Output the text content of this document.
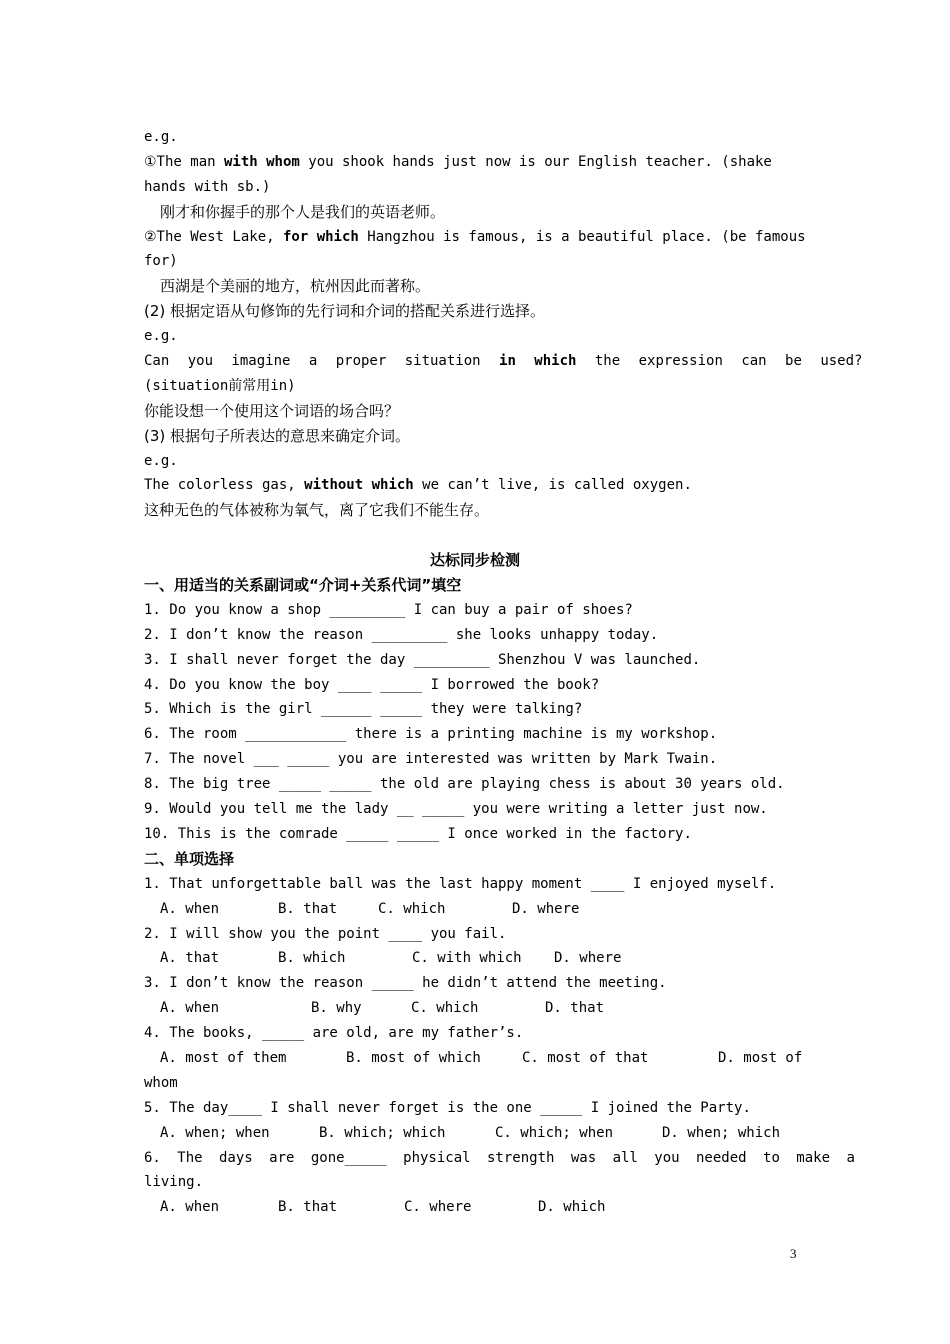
e.g.
①The man with whom you shook hands just now is our English teacher. (shake
hands with sb.)
刚才和你握手的那个人是我们的英语老师。
②The West Lake, for which Hangzhou is famous, is a beautiful place. (be famous
for)
西湖是个美丽的地方，杭州因此而著称。
(2) 根据定语从句修饰的先行词和介词的搭配关系进行选择。
e.g.
Can you imagine a proper situation in which the expression can be used?
(situation前常用in)
你能设想一个使用这个词语的场合吗？
(3) 根据句子所表达的意思来确定介词。
e.g.
The colorless gas, without which we can’t live, is called oxygen.
这种无色的气体被称为氧气，离了它我们不能生存。
达标同步检测
一、用适当的关系副词或“介词+关系代词”填空
1. Do you know a shop _________ I can buy a pair of shoes?
2. I don’t know the reason _________ she looks unhappy today.
3. I shall never forget the day _________ Shenzhou V was launched.
4. Do you know the boy ____ _____ I borrowed the book?
5. Which is the girl ______ _____ they were talking?
6. The room ____________ there is a printing machine is my workshop.
7. The novel ___ _____ you are interested was written by Mark Twain.
8. The big tree _____ _____ the old are playing chess is about 30 years old.
9. Would you tell me the lady __ _____ you were writing a letter just now.
10. This is the comrade _____ _____ I once worked in the factory.
二、单项选择
1. That unforgettable ball was the last happy moment ____ I enjoyed myself.
A. when	B. that	C. which	D. where
2. I will show you the point ____ you fail.
A. that	B. which	C. with which	D. where
3. I don’t know the reason _____ he didn’t attend the meeting.
A. when	B. why	C. which	D. that
4. The books, _____ are old, are my father’s.
A. most of them	B. most of which	C. most of that	D. most of
whom
5. The day____ I shall never forget is the one _____ I joined the Party.
A. when; when	B. which; which	C. which; when	D. when; which
6. The days are gone_____ physical strength was all you needed to make a
living.
A. when	B. that	C. where	D. which
3
